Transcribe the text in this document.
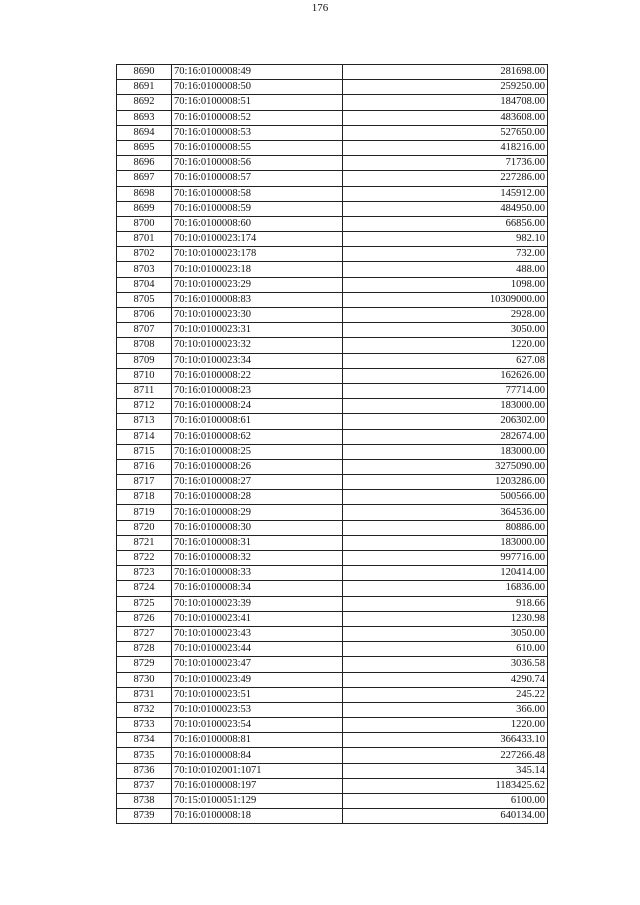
176
8690	70:16:0100008:49	281698.00
8691	70:16:0100008:50	259250.00
8692	70:16:0100008:51	184708.00
8693	70:16:0100008:52	483608.00
8694	70:16:0100008:53	527650.00
8695	70:16:0100008:55	418216.00
8696	70:16:0100008:56	71736.00
8697	70:16:0100008:57	227286.00
8698	70:16:0100008:58	145912.00
8699	70:16:0100008:59	484950.00
8700	70:16:0100008:60	66856.00
8701	70:10:0100023:174	982.10
8702	70:10:0100023:178	732.00
8703	70:10:0100023:18	488.00
8704	70:10:0100023:29	1098.00
8705	70:16:0100008:83	10309000.00
8706	70:10:0100023:30	2928.00
8707	70:10:0100023:31	3050.00
8708	70:10:0100023:32	1220.00
8709	70:10:0100023:34	627.08
8710	70:16:0100008:22	162626.00
8711	70:16:0100008:23	77714.00
8712	70:16:0100008:24	183000.00
8713	70:16:0100008:61	206302.00
8714	70:16:0100008:62	282674.00
8715	70:16:0100008:25	183000.00
8716	70:16:0100008:26	3275090.00
8717	70:16:0100008:27	1203286.00
8718	70:16:0100008:28	500566.00
8719	70:16:0100008:29	364536.00
8720	70:16:0100008:30	80886.00
8721	70:16:0100008:31	183000.00
8722	70:16:0100008:32	997716.00
8723	70:16:0100008:33	120414.00
8724	70:16:0100008:34	16836.00
8725	70:10:0100023:39	918.66
8726	70:10:0100023:41	1230.98
8727	70:10:0100023:43	3050.00
8728	70:10:0100023:44	610.00
8729	70:10:0100023:47	3036.58
8730	70:10:0100023:49	4290.74
8731	70:10:0100023:51	245.22
8732	70:10:0100023:53	366.00
8733	70:10:0100023:54	1220.00
8734	70:16:0100008:81	366433.10
8735	70:16:0100008:84	227266.48
8736	70:10:0102001:1071	345.14
8737	70:16:0100008:197	1183425.62
8738	70:15:0100051:129	6100.00
8739	70:16:0100008:18	640134.00
